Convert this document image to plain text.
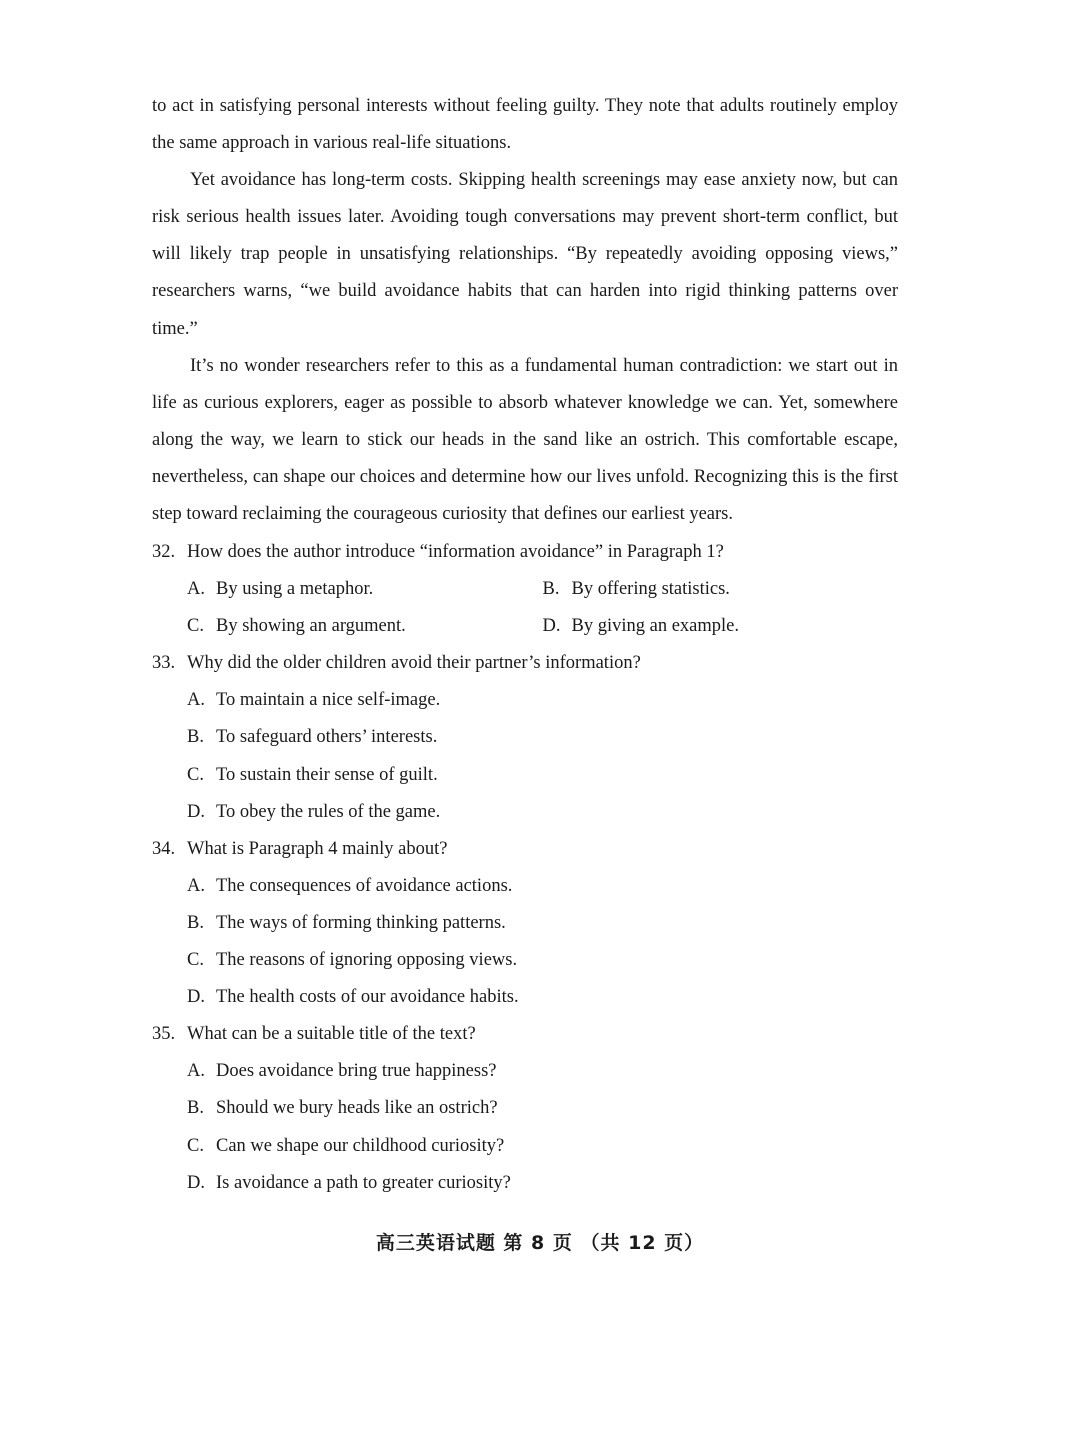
to act in satisfying personal interests without feeling guilty. They note that adults routinely employ the same approach in various real-life situations.

Yet avoidance has long-term costs. Skipping health screenings may ease anxiety now, but can risk serious health issues later. Avoiding tough conversations may prevent short-term conflict, but will likely trap people in unsatisfying relationships. “By repeatedly avoiding opposing views,” researchers warns, “we build avoidance habits that can harden into rigid thinking patterns over time.”

It’s no wonder researchers refer to this as a fundamental human contradiction: we start out in life as curious explorers, eager as possible to absorb whatever knowledge we can. Yet, somewhere along the way, we learn to stick our heads in the sand like an ostrich. This comfortable escape, nevertheless, can shape our choices and determine how our lives unfold. Recognizing this is the first step toward reclaiming the courageous curiosity that defines our earliest years.

32. How does the author introduce “information avoidance” in Paragraph 1?
A. By using a metaphor.	B. By offering statistics.
C. By showing an argument.	D. By giving an example.
33. Why did the older children avoid their partner’s information?
A. To maintain a nice self-image.
B. To safeguard others’ interests.
C. To sustain their sense of guilt.
D. To obey the rules of the game.
34. What is Paragraph 4 mainly about?
A. The consequences of avoidance actions.
B. The ways of forming thinking patterns.
C. The reasons of ignoring opposing views.
D. The health costs of our avoidance habits.
35. What can be a suitable title of the text?
A. Does avoidance bring true happiness?
B. Should we bury heads like an ostrich?
C. Can we shape our childhood curiosity?
D. Is avoidance a path to greater curiosity?
高三英语试题 第 8 页 （共 12 页）
